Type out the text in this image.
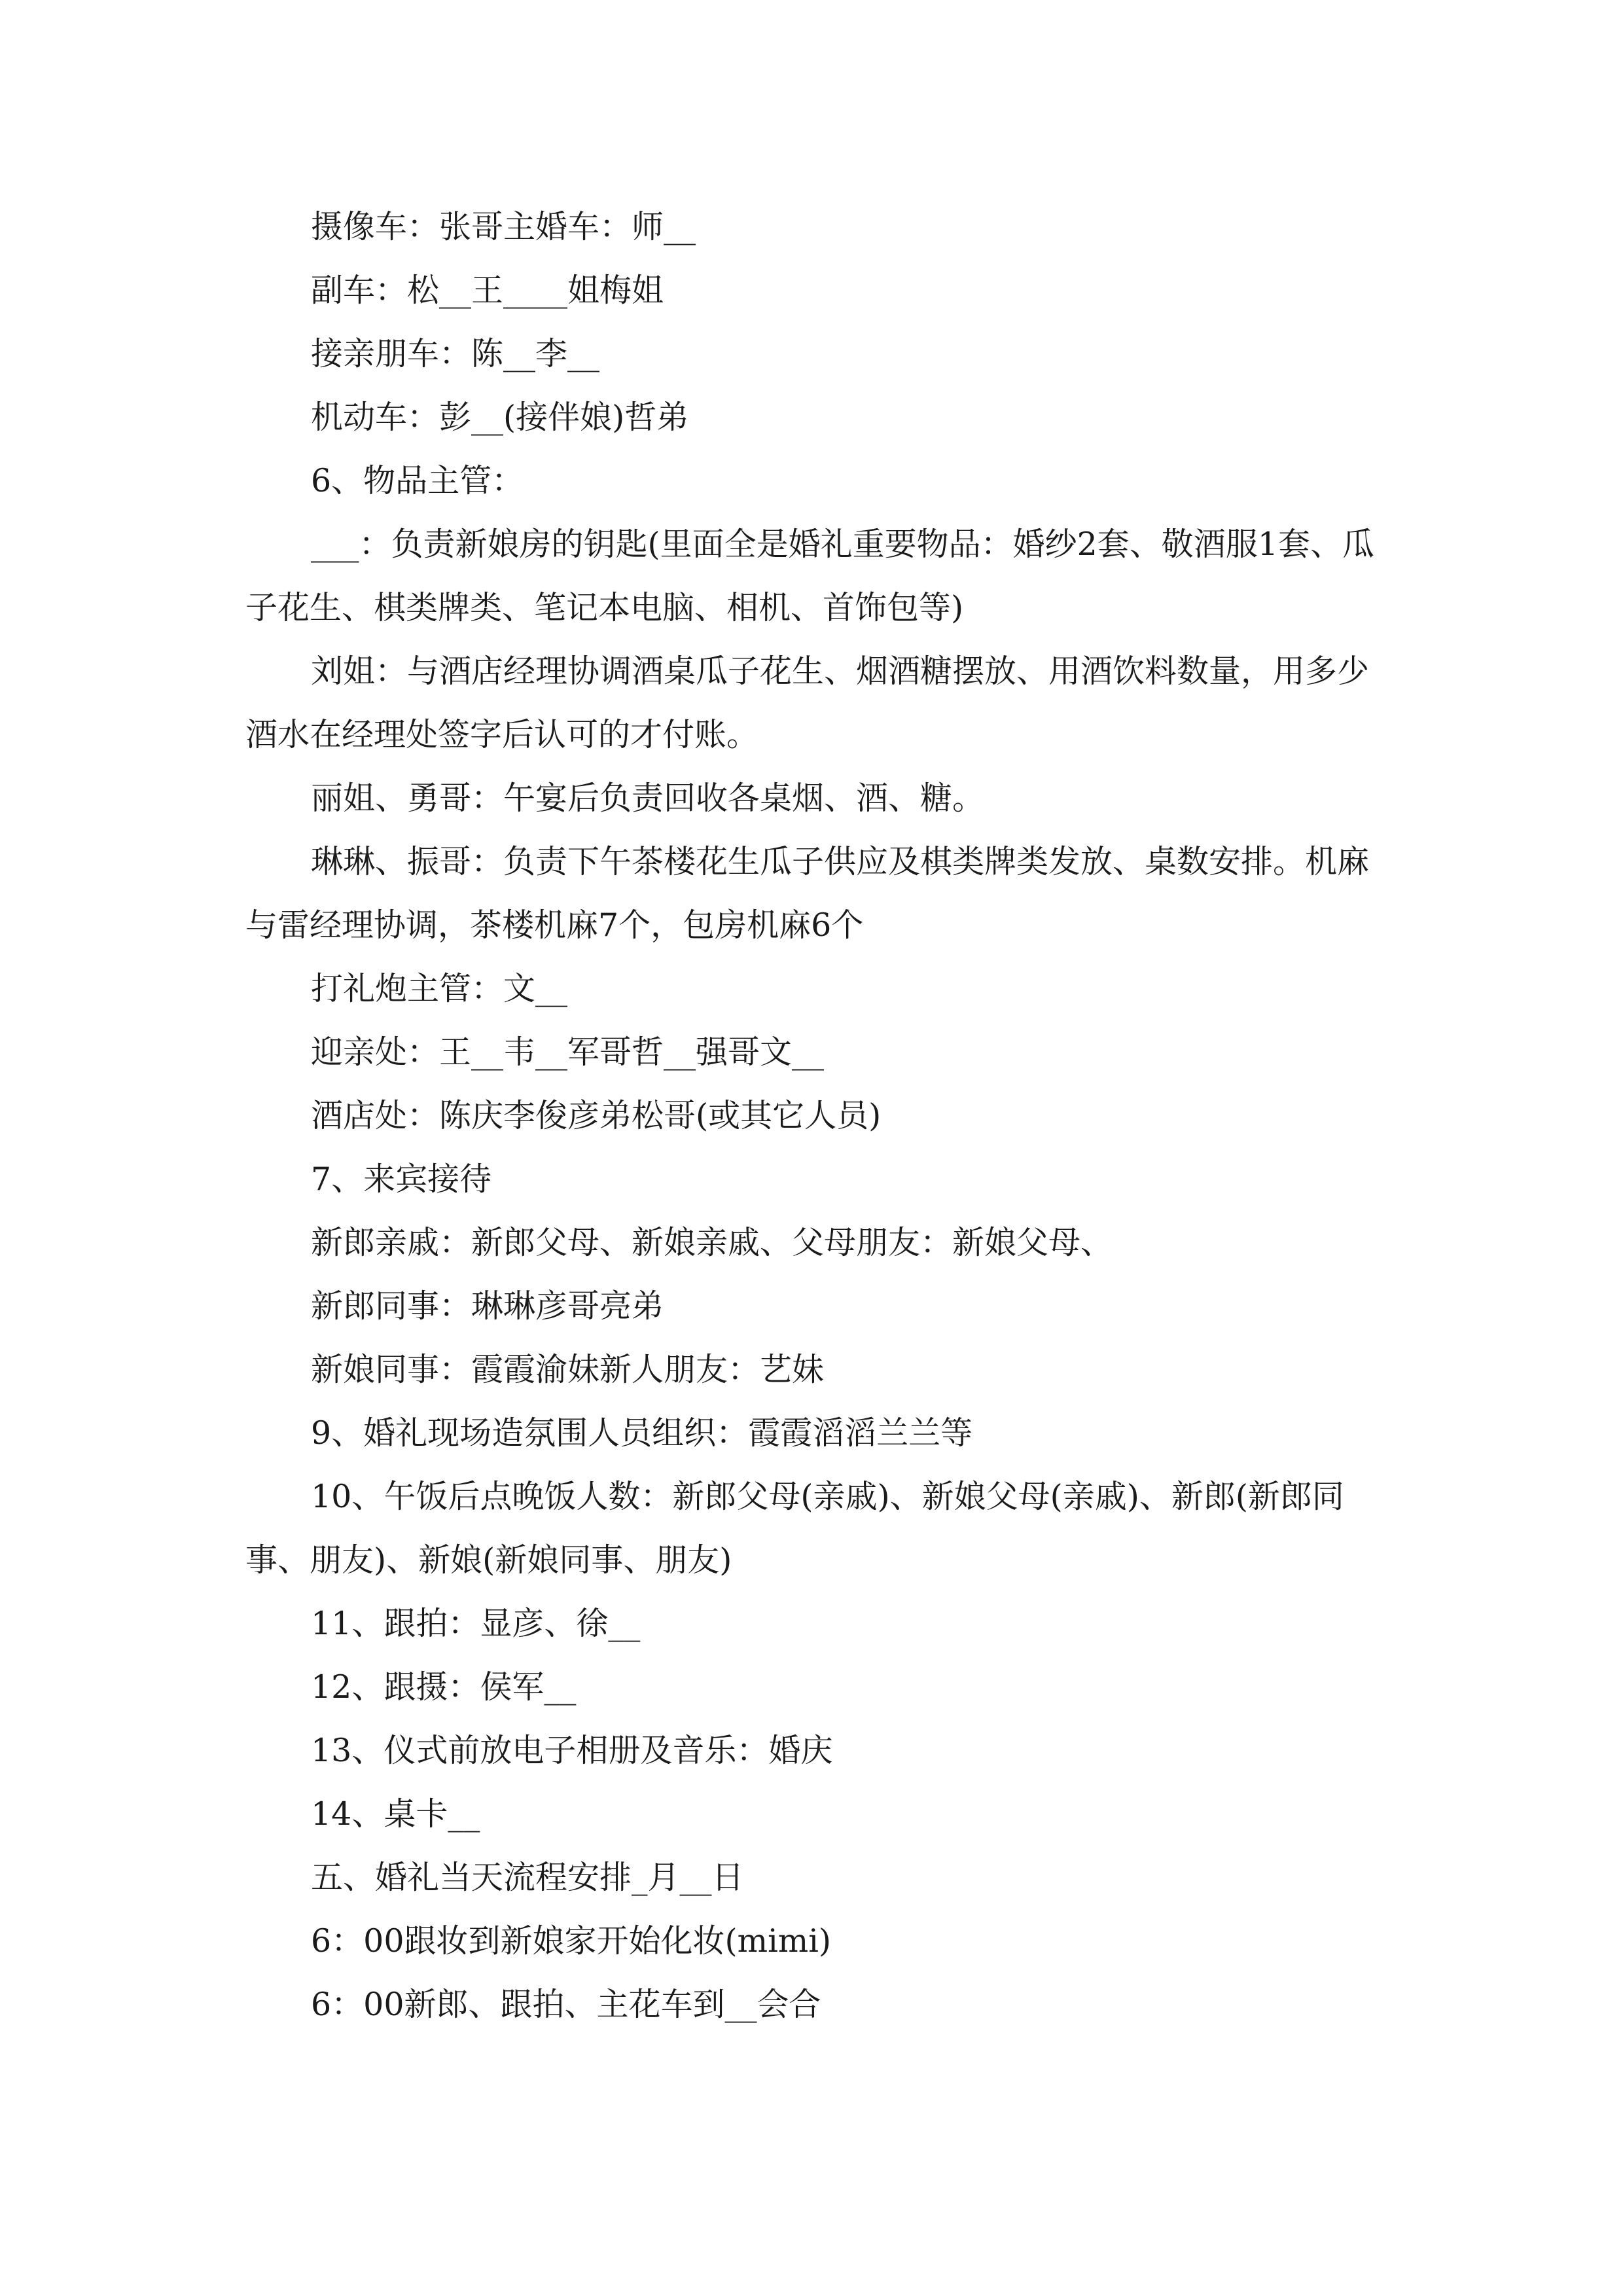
摄像车：张哥主婚车：师__

副车：松__王____姐梅姐

接亲朋车：陈__李__

机动车：彭__(接伴娘)哲弟

6、物品主管：

___：负责新娘房的钥匙(里面全是婚礼重要物品：婚纱2套、敬酒服1套、瓜子花生、棋类牌类、笔记本电脑、相机、首饰包等)

刘姐：与酒店经理协调酒桌瓜子花生、烟酒糖摆放、用酒饮料数量，用多少酒水在经理处签字后认可的才付账。

丽姐、勇哥：午宴后负责回收各桌烟、酒、糖。

琳琳、振哥：负责下午茶楼花生瓜子供应及棋类牌类发放、桌数安排。机麻与雷经理协调，茶楼机麻7个，包房机麻6个

打礼炮主管：文__

迎亲处：王__韦__军哥哲__强哥文__

酒店处：陈庆李俊彦弟松哥(或其它人员)

7、来宾接待

新郎亲戚：新郎父母、新娘亲戚、父母朋友：新娘父母、

新郎同事：琳琳彦哥亮弟

新娘同事：霞霞渝妹新人朋友：艺妹

9、婚礼现场造氛围人员组织：霞霞滔滔兰兰等

10、午饭后点晚饭人数：新郎父母(亲戚)、新娘父母(亲戚)、新郎(新郎同事、朋友)、新娘(新娘同事、朋友)

11、跟拍：显彦、徐__

12、跟摄：侯军__

13、仪式前放电子相册及音乐：婚庆

14、桌卡__

五、婚礼当天流程安排_月__日

6：00跟妆到新娘家开始化妆(mimi)

6：00新郎、跟拍、主花车到__会合
